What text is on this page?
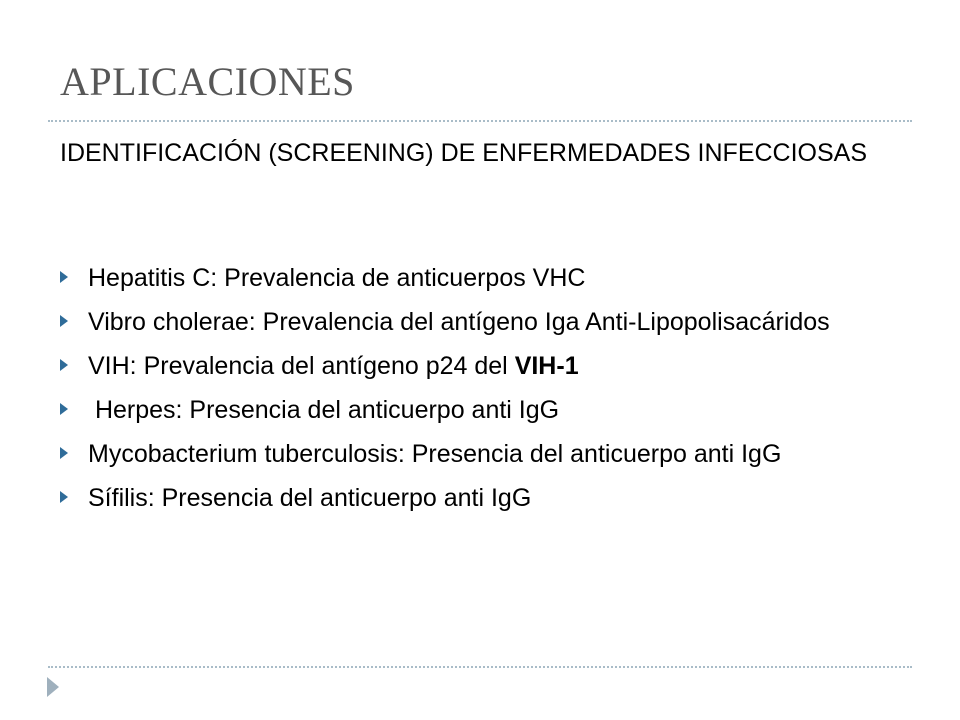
APLICACIONES
IDENTIFICACIÓN (SCREENING) DE ENFERMEDADES INFECCIOSAS
Hepatitis C: Prevalencia de anticuerpos VHC
Vibro cholerae: Prevalencia del antígeno Iga Anti-Lipopolisacáridos
VIH: Prevalencia del antígeno p24 del VIH-1
Herpes: Presencia del anticuerpo anti IgG
Mycobacterium tuberculosis: Presencia del anticuerpo anti IgG
Sífilis: Presencia del anticuerpo anti IgG
